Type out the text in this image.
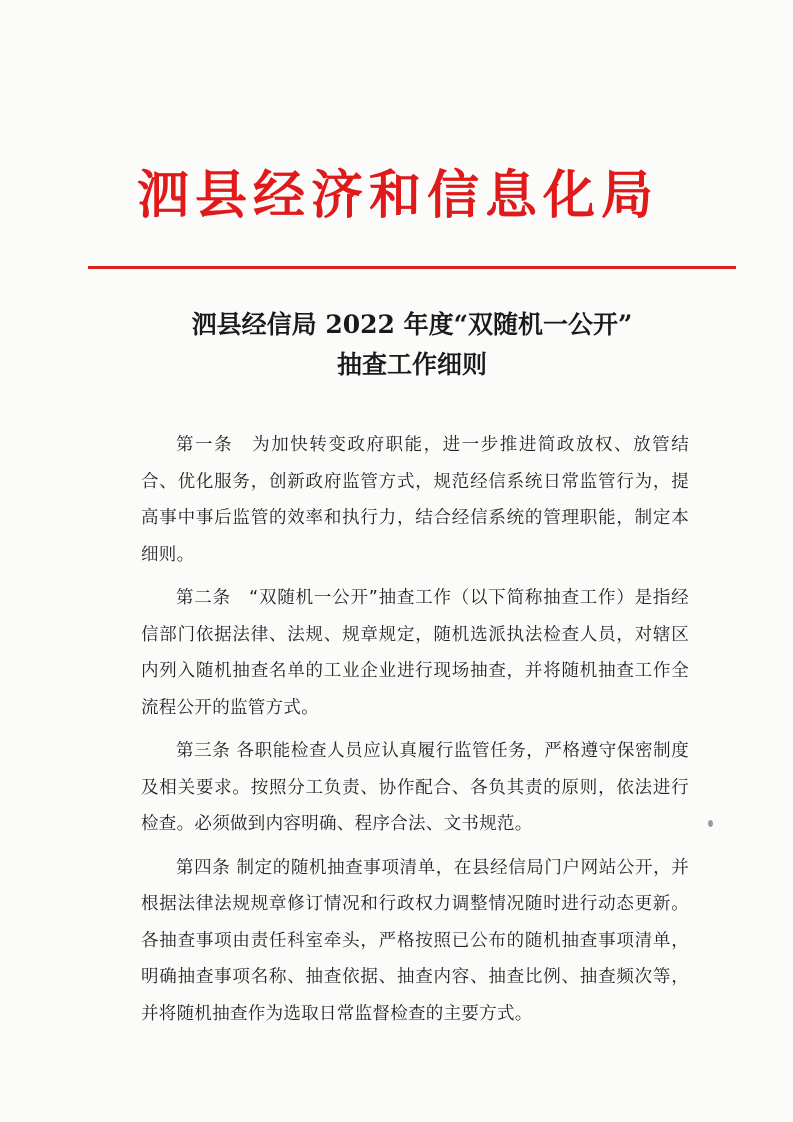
泗县经济和信息化局
泗县经信局 2022 年度“双随机一公开”
抽查工作细则

第一条　为加快转变政府职能，进一步推进简政放权、放管结合、优化服务，创新政府监管方式，规范经信系统日常监管行为，提高事中事后监管的效率和执行力，结合经信系统的管理职能，制定本细则。

第二条　“双随机一公开”抽查工作（以下简称抽查工作）是指经信部门依据法律、法规、规章规定，随机选派执法检查人员，对辖区内列入随机抽查名单的工业企业进行现场抽查，并将随机抽查工作全流程公开的监管方式。

第三条 各职能检查人员应认真履行监管任务，严格遵守保密制度及相关要求。按照分工负责、协作配合、各负其责的原则，依法进行检查。必须做到内容明确、程序合法、文书规范。

第四条 制定的随机抽查事项清单，在县经信局门户网站公开，并根据法律法规规章修订情况和行政权力调整情况随时进行动态更新。各抽查事项由责任科室牵头，严格按照已公布的随机抽查事项清单，明确抽查事项名称、抽查依据、抽查内容、抽查比例、抽查频次等，并将随机抽查作为选取日常监督检查的主要方式。
